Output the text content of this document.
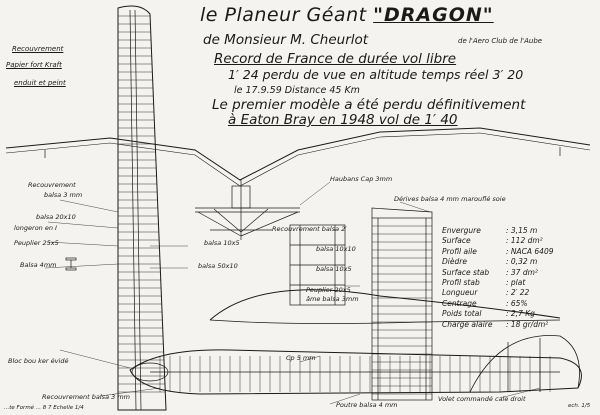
le Planeur Géant "DRAGON"

de Monsieur M. Cheurlot	de l'Aero Club de l'Aube

Record de France de durée vol libre

1′ 24 perdu de vue en altitude temps réel 3′ 20

le 17.9.59 Distance 45 Km

Le premier modèle a été perdu définitivement

à Eaton Bray en 1948 vol de 1′ 40

Recouvrement

Papier fort Kraft

enduit et peint

Recouvrement

balsa 3 mm

balsa 20x10

longeron en I

Peuplier 25x5

Balsa 4mm

balsa 10x5

balsa 50x10

Recouvrement balsa 2′

balsa 10x10

balsa 10x5

Peuplier 20x5

âme balsa 3mm

Haubans Cap 3mm

Dérives balsa 4 mm marouflé soie

Bloc bou ker évidé	Cp 5 mm

Recouvrement balsa 3 mm

Poutre balsa 4 mm

Volet commandé cale droit

ech. 1/5

...te Formé ... 8 7 Echelle 1/4

Envergure	: 3,15 m
Surface	: 112 dm²
Profil aile	: NACA 6409
Dièdre	: 0,32 m
Surface stab : 37 dm²
Profil stab	: plat
Longueur	: 2′ 22
Centrage	: 65%
Poids total	: 2,7 Kg
Charge alaire : 18 gr/dm²
